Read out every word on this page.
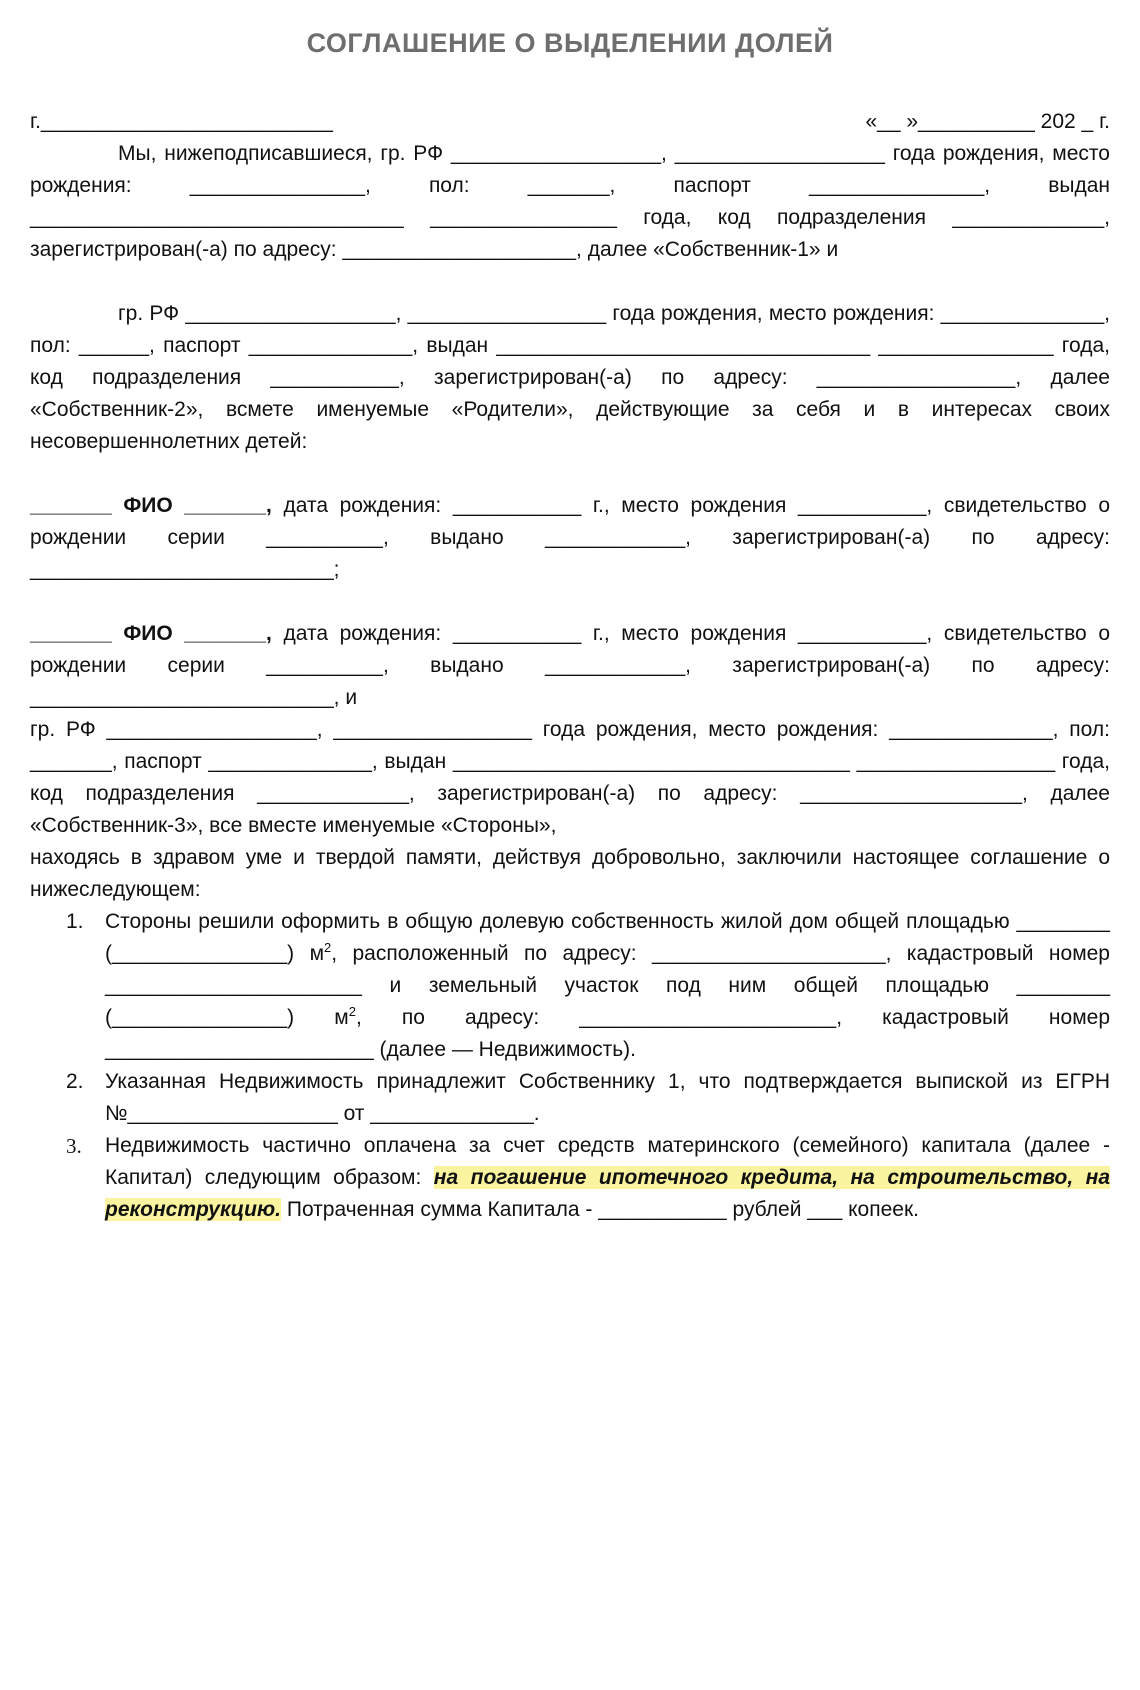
СОГЛАШЕНИЕ О ВЫДЕЛЕНИИ ДОЛЕЙ
г._________________________	«__ »__________ 202 _ г.

Мы, нижеподписавшиеся, гр. РФ __________________, __________________ года рождения, место рождения: _______________, пол: _______, паспорт _______________, выдан ________________________________ ________________ года, код подразделения _____________, зарегистрирован(-а) по адресу: ____________________, далее «Собственник-1» и

гр. РФ __________________, _________________ года рождения, место рождения: ______________, пол: ______, паспорт ______________, выдан ________________________________ _______________ года, код подразделения ___________, зарегистрирован(-а) по адресу: _________________, далее «Собственник-2», всмете именуемые «Родители», действующие за себя и в интересах своих несовершеннолетних детей:

_______ ФИО _______, дата рождения: ___________ г., место рождения ___________, свидетельство о рождении серии __________, выдано ____________, зарегистрирован(-а) по адресу: __________________________;

_______ ФИО _______, дата рождения: ___________ г., место рождения ___________, свидетельство о рождении серии __________, выдано ____________, зарегистрирован(-а) по адресу: __________________________, и

гр. РФ __________________, _________________ года рождения, место рождения: ______________, пол: _______, паспорт ______________, выдан __________________________________ _________________ года, код подразделения _____________, зарегистрирован(-а) по адресу: ___________________, далее «Собственник-3», все вместе именуемые «Стороны»,

находясь в здравом уме и твердой памяти, действуя добровольно, заключили настоящее соглашение о нижеследующем:

1. Стороны решили оформить в общую долевую собственность жилой дом общей площадью ________ (_______________) $м^2$, расположенный по адресу: ____________________, кадастровый номер ______________________ и земельный участок под ним общей площадью ________ (_______________) $м^2$, по адресу: ______________________, кадастровый номер _______________________ (далее — Недвижимость).
2. Указанная Недвижимость принадлежит Собственнику 1, что подтверждается выпиской из ЕГРН №__________________ от ______________.
3. Недвижимость частично оплачена за счет средств материнского (семейного) капитала (далее - Капитал) следующим образом: на погашение ипотечного кредита, на строительство, на реконструкцию. Потраченная сумма Капитала - ___________ рублей ___ копеек.
